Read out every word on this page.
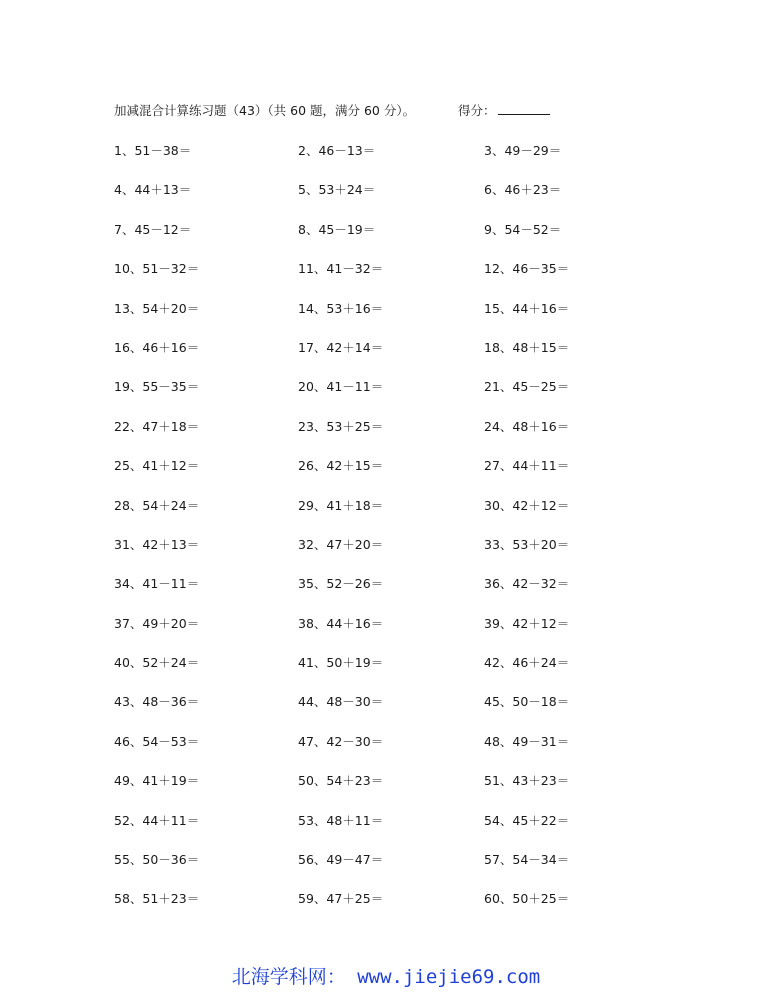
加减混合计算练习题（43）（共 60 题，满分 60 分）。	得分：
1、51－38＝	2、46－13＝	3、49－29＝
4、44＋13＝	5、53＋24＝	6、46＋23＝
7、45－12＝	8、45－19＝	9、54－52＝
10、51－32＝	11、41－32＝	12、46－35＝
13、54＋20＝	14、53＋16＝	15、44＋16＝
16、46＋16＝	17、42＋14＝	18、48＋15＝
19、55－35＝	20、41－11＝	21、45－25＝
22、47＋18＝	23、53＋25＝	24、48＋16＝
25、41＋12＝	26、42＋15＝	27、44＋11＝
28、54＋24＝	29、41＋18＝	30、42＋12＝
31、42＋13＝	32、47＋20＝	33、53＋20＝
34、41－11＝	35、52－26＝	36、42－32＝
37、49＋20＝	38、44＋16＝	39、42＋12＝
40、52＋24＝	41、50＋19＝	42、46＋24＝
43、48－36＝	44、48－30＝	45、50－18＝
46、54－53＝	47、42－30＝	48、49－31＝
49、41＋19＝	50、54＋23＝	51、43＋23＝
52、44＋11＝	53、48＋11＝	54、45＋22＝
55、50－36＝	56、49－47＝	57、54－34＝
58、51＋23＝	59、47＋25＝	60、50＋25＝
北海学科网： www.jiejie69.com
